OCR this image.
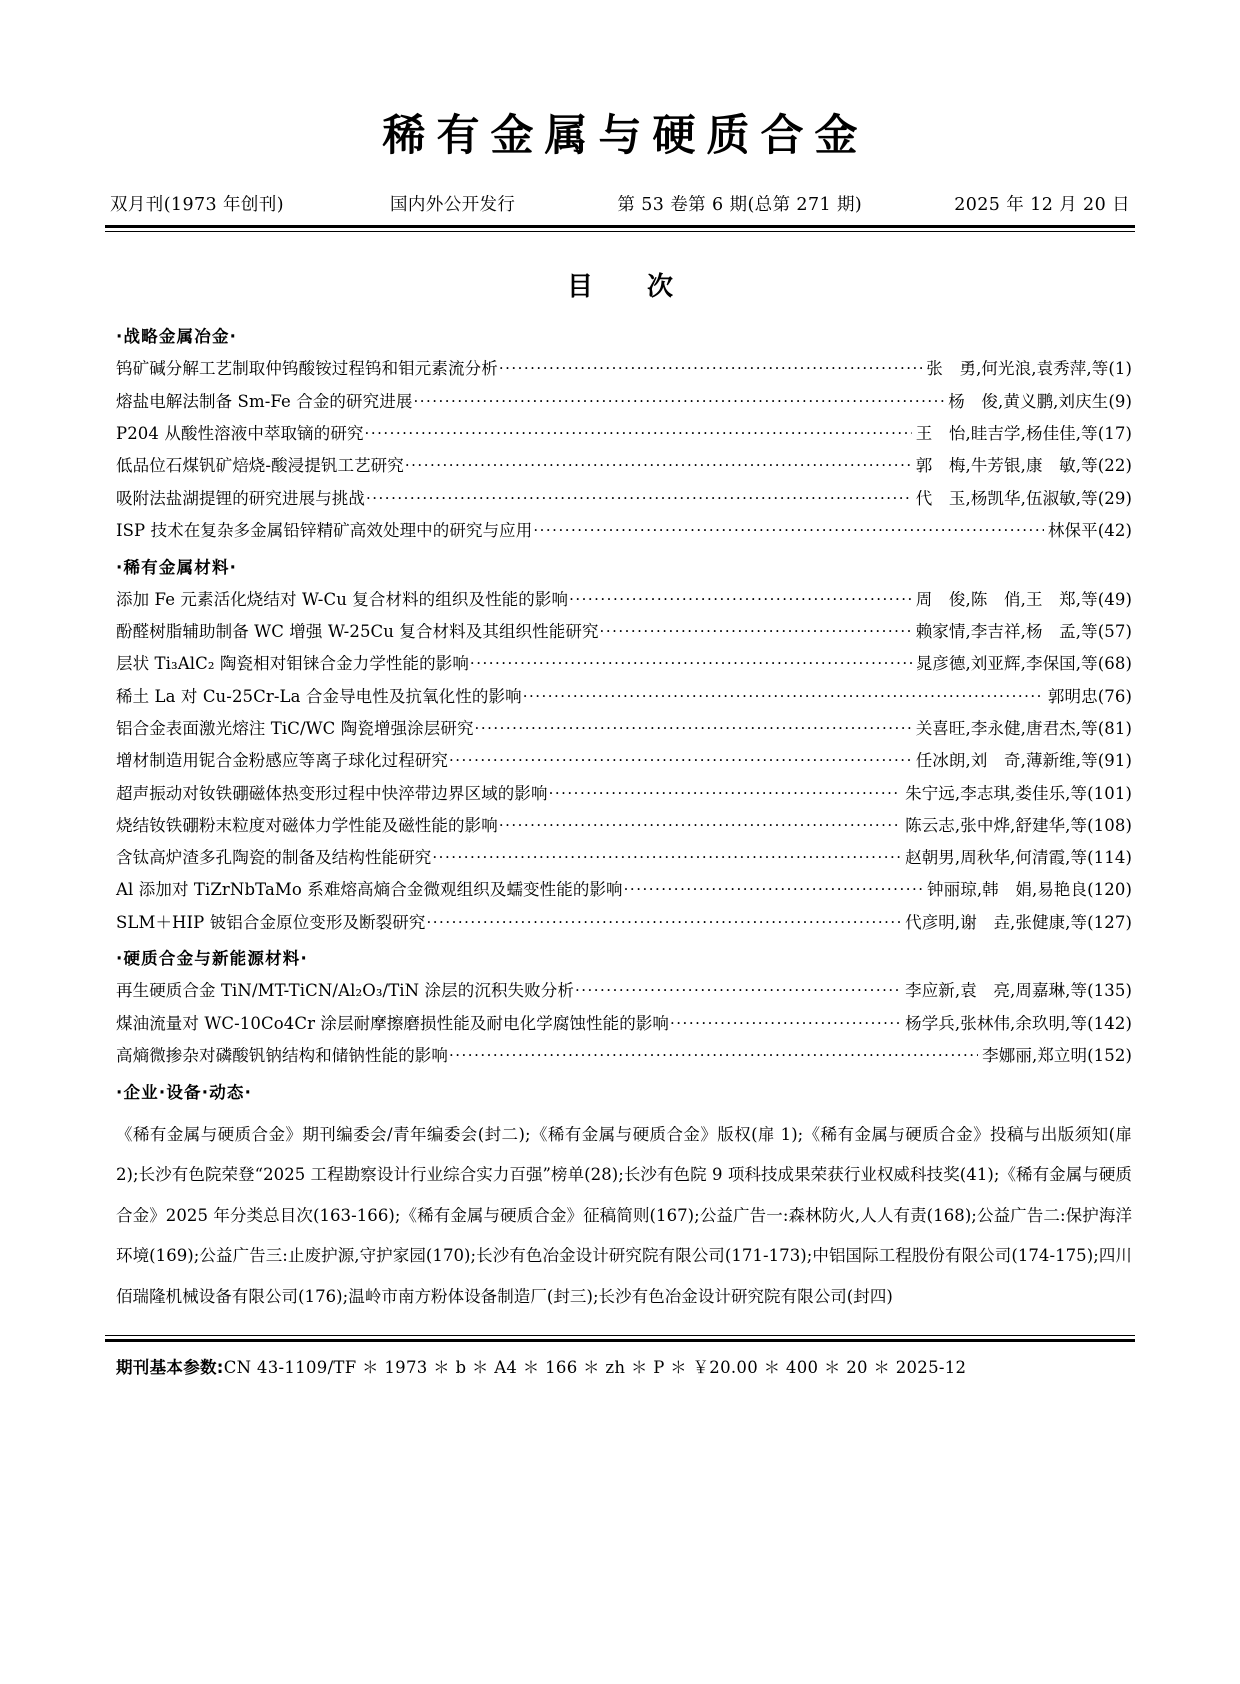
稀有金属与硬质合金
双月刊(1973 年创刊)	国内外公开发行	第 53 卷第 6 期(总第 271 期)	2025 年 12 月 20 日
目　次
·战略金属冶金·
钨矿碱分解工艺制取仲钨酸铵过程钨和钼元素流分析 ·····	张　勇,何光浪,袁秀萍,等(1)
熔盐电解法制备 Sm-Fe 合金的研究进展 ·····	杨　俊,黄义鹏,刘庆生(9)
P204 从酸性溶液中萃取镝的研究 ·····	王　怡,眭吉学,杨佳佳,等(17)
低品位石煤钒矿焙烧-酸浸提钒工艺研究 ·····	郭　梅,牛芳银,康　敏,等(22)
吸附法盐湖提锂的研究进展与挑战 ·····	代　玉,杨凯华,伍淑敏,等(29)
ISP 技术在复杂多金属铅锌精矿高效处理中的研究与应用 ·····	林保平(42)
·稀有金属材料·
添加 Fe 元素活化烧结对 W-Cu 复合材料的组织及性能的影响 ·····	周　俊,陈　俏,王　郑,等(49)
酚醛树脂辅助制备 WC 增强 W-25Cu 复合材料及其组织性能研究 ·····	赖家情,李吉祥,杨　孟,等(57)
层状 Ti₃AlC₂ 陶瓷相对钼铼合金力学性能的影响 ·····	晁彦德,刘亚辉,李保国,等(68)
稀土 La 对 Cu-25Cr-La 合金导电性及抗氧化性的影响 ·····	郭明忠(76)
铝合金表面激光熔注 TiC/WC 陶瓷增强涂层研究 ·····	关喜旺,李永健,唐君杰,等(81)
增材制造用铌合金粉感应等离子球化过程研究 ·····	任冰朗,刘　奇,薄新维,等(91)
超声振动对钕铁硼磁体热变形过程中快淬带边界区域的影响 ·····	朱宁远,李志琪,娄佳乐,等(101)
烧结钕铁硼粉末粒度对磁体力学性能及磁性能的影响 ·····	陈云志,张中烨,舒建华,等(108)
含钛高炉渣多孔陶瓷的制备及结构性能研究 ·····	赵朝男,周秋华,何清霞,等(114)
Al 添加对 TiZrNbTaMo 系难熔高熵合金微观组织及蠕变性能的影响 ·····	钟丽琼,韩　娟,易艳良(120)
SLM＋HIP 铍铝合金原位变形及断裂研究 ·····	代彦明,谢　垚,张健康,等(127)
·硬质合金与新能源材料·
再生硬质合金 TiN/MT-TiCN/Al₂O₃/TiN 涂层的沉积失败分析 ·····	李应新,袁　亮,周嘉琳,等(135)
煤油流量对 WC-10Co4Cr 涂层耐摩擦磨损性能及耐电化学腐蚀性能的影响 ·····	杨学兵,张林伟,余玖明,等(142)
高熵微掺杂对磷酸钒钠结构和储钠性能的影响 ·····	李娜丽,郑立明(152)
·企业·设备·动态·
《稀有金属与硬质合金》期刊编委会/青年编委会(封二);《稀有金属与硬质合金》版权(扉 1);《稀有金属与硬质合金》投稿与出版须知(扉 2);长沙有色院荣登“2025 工程勘察设计行业综合实力百强”榜单(28);长沙有色院 9 项科技成果荣获行业权威科技奖(41);《稀有金属与硬质合金》2025 年分类总目次(163-166);《稀有金属与硬质合金》征稿简则(167);公益广告一:森林防火,人人有责(168);公益广告二:保护海洋环境(169);公益广告三:止废护源,守护家园(170);长沙有色冶金设计研究院有限公司(171-173);中铝国际工程股份有限公司(174-175);四川佰瑞隆机械设备有限公司(176);温岭市南方粉体设备制造厂(封三);长沙有色冶金设计研究院有限公司(封四)
期刊基本参数:CN 43-1109/TF ＊ 1973 ＊ b ＊ A4 ＊ 166 ＊ zh ＊ P ＊ ￥20.00 ＊ 400 ＊ 20 ＊ 2025-12
